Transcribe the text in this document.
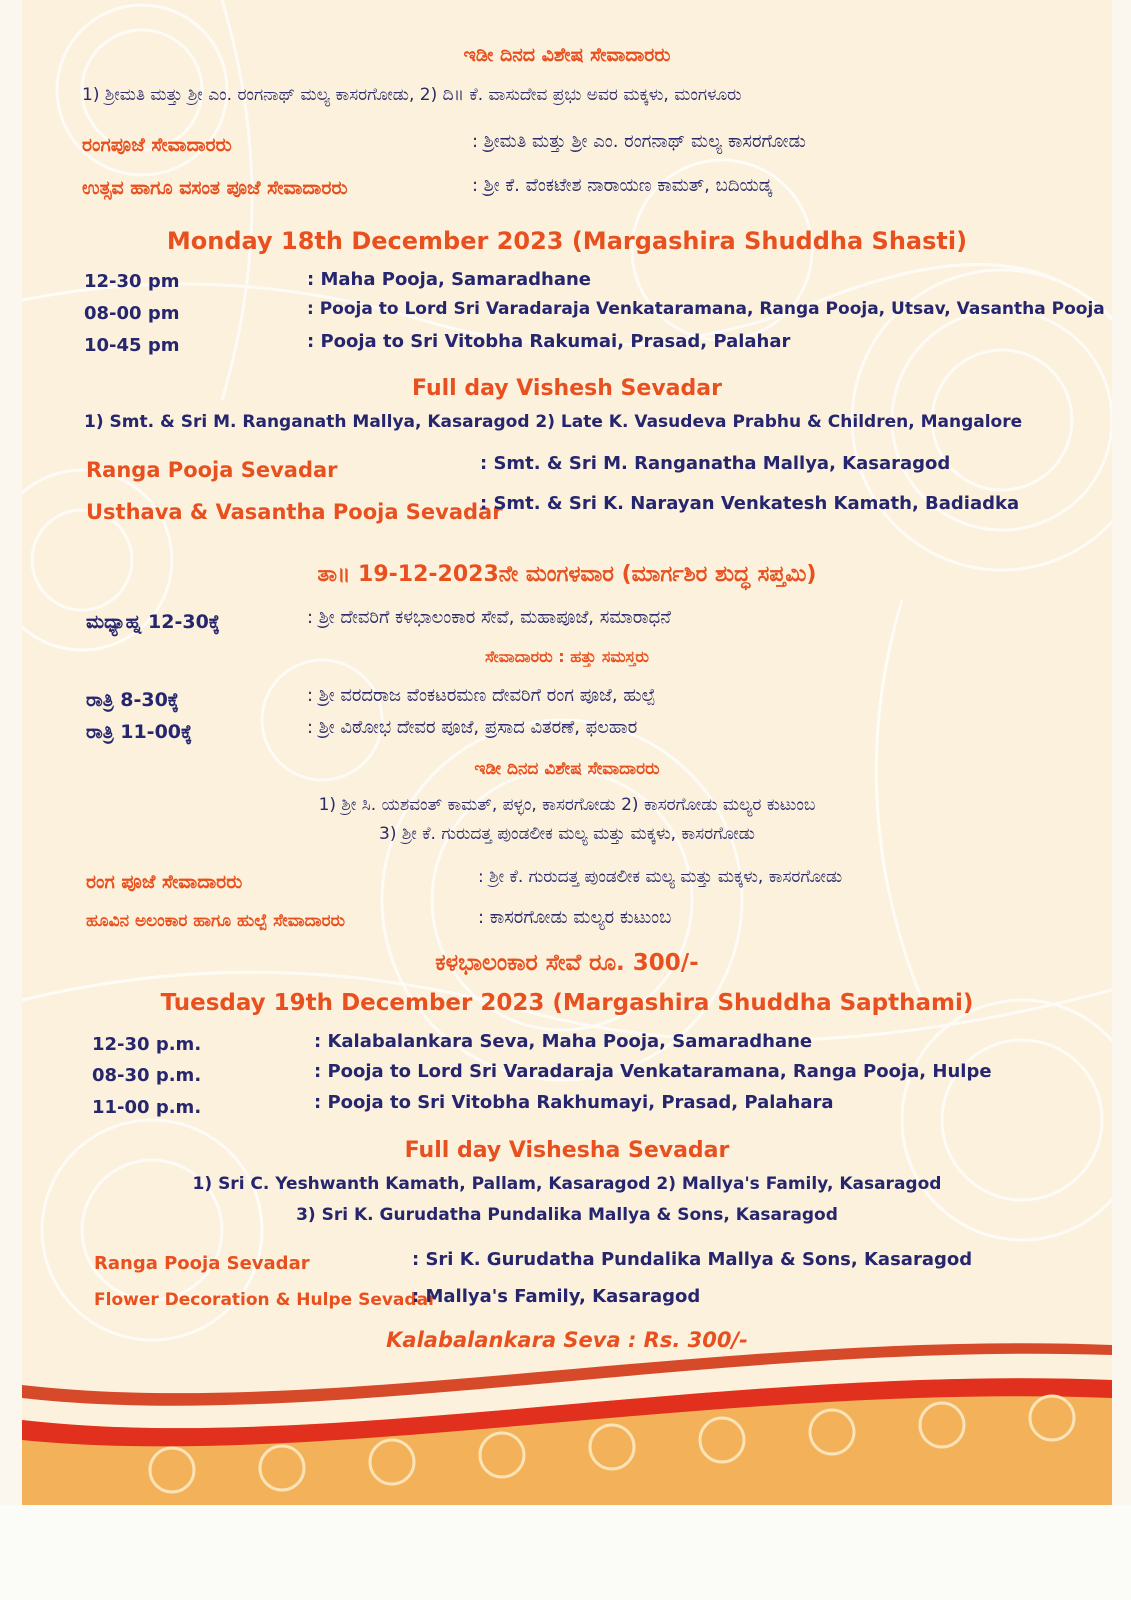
ಇಡೀ ದಿನದ ವಿಶೇಷ ಸೇವಾದಾರರು
1) ಶ್ರೀಮತಿ ಮತ್ತು ಶ್ರೀ ಎಂ. ರಂಗನಾಥ್ ಮಲ್ಯ ಕಾಸರಗೋಡು, 2) ದಿ॥ ಕೆ. ವಾಸುದೇವ ಪ್ರಭು ಅವರ ಮಕ್ಕಳು, ಮಂಗಳೂರು
ರಂಗಪೂಜೆ ಸೇವಾದಾರರು	: ಶ್ರೀಮತಿ ಮತ್ತು ಶ್ರೀ ಎಂ. ರಂಗನಾಥ್ ಮಲ್ಯ ಕಾಸರಗೋಡು
ಉತ್ಸವ ಹಾಗೂ ವಸಂತ ಪೂಜೆ ಸೇವಾದಾರರು	: ಶ್ರೀ ಕೆ. ವೆಂಕಟೇಶ ನಾರಾಯಣ ಕಾಮತ್, ಬದಿಯಡ್ಕ
Monday 18th December 2023 (Margashira Shuddha Shasti)
12-30 pm	: Maha Pooja, Samaradhane
08-00 pm	: Pooja to Lord Sri Varadaraja Venkataramana, Ranga Pooja, Utsav, Vasantha Pooja
10-45 pm	: Pooja to Sri Vitobha Rakumai, Prasad, Palahar
Full day Vishesh Sevadar
1) Smt. & Sri M. Ranganath Mallya, Kasaragod 2) Late K. Vasudeva Prabhu & Children, Mangalore
Ranga Pooja Sevadar	: Smt. & Sri M. Ranganatha Mallya, Kasaragod
Usthava & Vasantha Pooja Sevadar
: Smt. & Sri K. Narayan Venkatesh Kamath, Badiadka
ತಾ॥ 19-12-2023ನೇ ಮಂಗಳವಾರ (ಮಾರ್ಗಶಿರ ಶುದ್ಧ ಸಪ್ತಮಿ)
ಮಧ್ಯಾಹ್ನ 12-30ಕ್ಕೆ	: ಶ್ರೀ ದೇವರಿಗೆ ಕಳಭಾಲಂಕಾರ ಸೇವೆ, ಮಹಾಪೂಜೆ, ಸಮಾರಾಧನೆ
ಸೇವಾದಾರರು : ಹತ್ತು ಸಮಸ್ತರು
ರಾತ್ರಿ 8-30ಕ್ಕೆ	: ಶ್ರೀ ವರದರಾಜ ವೆಂಕಟರಮಣ ದೇವರಿಗೆ ರಂಗ ಪೂಜೆ, ಹುಲ್ಪೆ
ರಾತ್ರಿ 11-00ಕ್ಕೆ	: ಶ್ರೀ ವಿಠೋಭ ದೇವರ ಪೂಜೆ, ಪ್ರಸಾದ ವಿತರಣೆ, ಫಲಹಾರ
ಇಡೀ ದಿನದ ವಿಶೇಷ ಸೇವಾದಾರರು
1) ಶ್ರೀ ಸಿ. ಯಶವಂತ್ ಕಾಮತ್, ಪಳ್ಳಂ, ಕಾಸರಗೋಡು 2) ಕಾಸರಗೋಡು ಮಲ್ಯರ ಕುಟುಂಬ
3) ಶ್ರೀ ಕೆ. ಗುರುದತ್ತ ಪುಂಡಲೀಕ ಮಲ್ಯ ಮತ್ತು ಮಕ್ಕಳು, ಕಾಸರಗೋಡು
ರಂಗ ಪೂಜೆ ಸೇವಾದಾರರು	: ಶ್ರೀ ಕೆ. ಗುರುದತ್ತ ಪುಂಡಲೀಕ ಮಲ್ಯ ಮತ್ತು ಮಕ್ಕಳು, ಕಾಸರಗೋಡು
ಹೂವಿನ ಅಲಂಕಾರ ಹಾಗೂ ಹುಲ್ಪೆ ಸೇವಾದಾರರು	: ಕಾಸರಗೋಡು ಮಲ್ಯರ ಕುಟುಂಬ
ಕಳಭಾಲಂಕಾರ ಸೇವೆ ರೂ. 300/-
Tuesday 19th December 2023 (Margashira Shuddha Sapthami)
12-30 p.m.	: Kalabalankara Seva, Maha Pooja, Samaradhane
08-30 p.m.	: Pooja to Lord Sri Varadaraja Venkataramana, Ranga Pooja, Hulpe
11-00 p.m.	: Pooja to Sri Vitobha Rakhumayi, Prasad, Palahara
Full day Vishesha Sevadar
1) Sri C. Yeshwanth Kamath, Pallam, Kasaragod 2) Mallya's Family, Kasaragod
3) Sri K. Gurudatha Pundalika Mallya & Sons, Kasaragod
Ranga Pooja Sevadar	: Sri K. Gurudatha Pundalika Mallya & Sons, Kasaragod
Flower Decoration & Hulpe Sevadar
: Mallya's Family, Kasaragod
Kalabalankara Seva : Rs. 300/-
